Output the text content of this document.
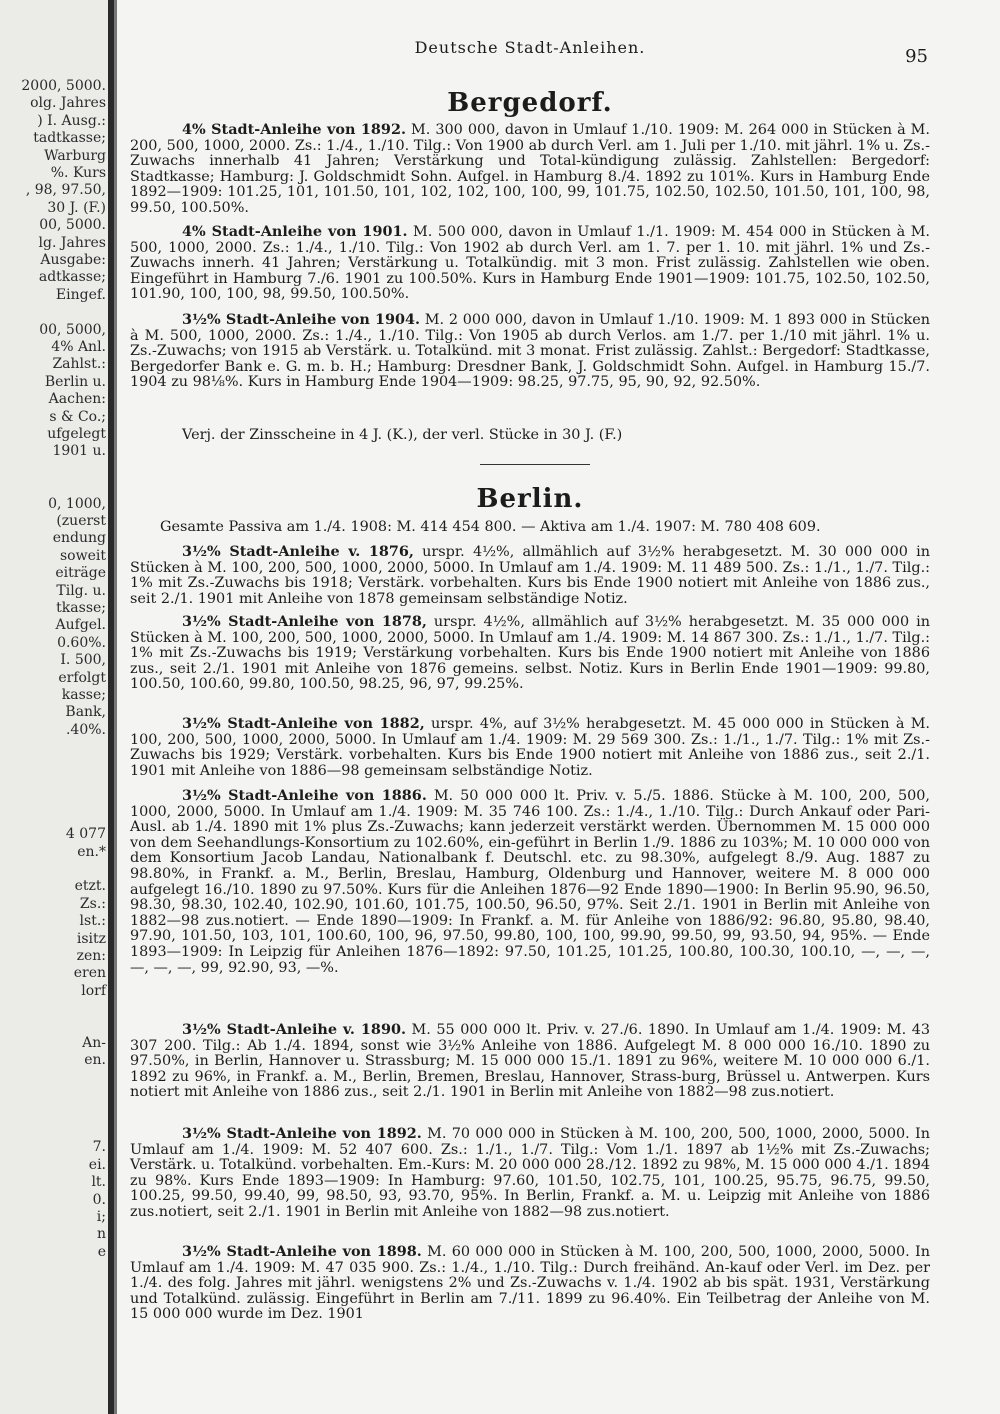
2000, 5000.
olg. Jahres
) I. Ausg.:
tadtkasse;
Warburg
%. Kurs
, 98, 97.50,
30 J. (F.)
00, 5000.
lg. Jahres
Ausgabe:
adtkasse;
Eingef.
00, 5000,
4% Anl.
Zahlst.:
Berlin u.
Aachen:
s & Co.;
ufgelegt
1901 u.
0, 1000,
(zuerst
endung
soweit
eiträge
Tilg. u.
tkasse;
Aufgel.
0.60%.
I. 500,
erfolgt
kasse;
Bank,
.40%.
4 077
en.*
etzt.
Zs.:
lst.:
isitz
zen:
eren
lorf
An-
en.
7.
ei.
lt.
0.
i;
n
e
Deutsche Stadt-Anleihen.	95
Bergedorf.

4% Stadt-Anleihe von 1892. M. 300 000, davon in Umlauf 1./10. 1909: M. 264 000 in Stücken à M. 200, 500, 1000, 2000. Zs.: 1./4., 1./10. Tilg.: Von 1900 ab durch Verl. am 1. Juli per 1./10. mit jährl. 1% u. Zs.-Zuwachs innerhalb 41 Jahren; Verstärkung und Total-kündigung zulässig. Zahlstellen: Bergedorf: Stadtkasse; Hamburg: J. Goldschmidt Sohn. Aufgel. in Hamburg 8./4. 1892 zu 101%. Kurs in Hamburg Ende 1892—1909: 101.25, 101, 101.50, 101, 102, 102, 100, 100, 99, 101.75, 102.50, 102.50, 101.50, 101, 100, 98, 99.50, 100.50%.

4% Stadt-Anleihe von 1901. M. 500 000, davon in Umlauf 1./1. 1909: M. 454 000 in Stücken à M. 500, 1000, 2000. Zs.: 1./4., 1./10. Tilg.: Von 1902 ab durch Verl. am 1. 7. per 1. 10. mit jährl. 1% und Zs.-Zuwachs innerh. 41 Jahren; Verstärkung u. Totalkündig. mit 3 mon. Frist zulässig. Zahlstellen wie oben. Eingeführt in Hamburg 7./6. 1901 zu 100.50%. Kurs in Hamburg Ende 1901—1909: 101.75, 102.50, 102.50, 101.90, 100, 100, 98, 99.50, 100.50%.

3½% Stadt-Anleihe von 1904. M. 2 000 000, davon in Umlauf 1./10. 1909: M. 1 893 000 in Stücken à M. 500, 1000, 2000. Zs.: 1./4., 1./10. Tilg.: Von 1905 ab durch Verlos. am 1./7. per 1./10 mit jährl. 1% u. Zs.-Zuwachs; von 1915 ab Verstärk. u. Totalkünd. mit 3 monat. Frist zulässig. Zahlst.: Bergedorf: Stadtkasse, Bergedorfer Bank e. G. m. b. H.; Hamburg: Dresdner Bank, J. Goldschmidt Sohn. Aufgel. in Hamburg 15./7. 1904 zu 98⅛%. Kurs in Hamburg Ende 1904—1909: 98.25, 97.75, 95, 90, 92, 92.50%.

Verj. der Zinsscheine in 4 J. (K.), der verl. Stücke in 30 J. (F.)

Berlin.

Gesamte Passiva am 1./4. 1908: M. 414 454 800. — Aktiva am 1./4. 1907: M. 780 408 609.

3½% Stadt-Anleihe v. 1876, urspr. 4½%, allmählich auf 3½% herabgesetzt. M. 30 000 000 in Stücken à M. 100, 200, 500, 1000, 2000, 5000. In Umlauf am 1./4. 1909: M. 11 489 500. Zs.: 1./1., 1./7. Tilg.: 1% mit Zs.-Zuwachs bis 1918; Verstärk. vorbehalten. Kurs bis Ende 1900 notiert mit Anleihe von 1886 zus., seit 2./1. 1901 mit Anleihe von 1878 gemeinsam selbständige Notiz.

3½% Stadt-Anleihe von 1878, urspr. 4½%, allmählich auf 3½% herabgesetzt. M. 35 000 000 in Stücken à M. 100, 200, 500, 1000, 2000, 5000. In Umlauf am 1./4. 1909: M. 14 867 300. Zs.: 1./1., 1./7. Tilg.: 1% mit Zs.-Zuwachs bis 1919; Verstärkung vorbehalten. Kurs bis Ende 1900 notiert mit Anleihe von 1886 zus., seit 2./1. 1901 mit Anleihe von 1876 gemeins. selbst. Notiz. Kurs in Berlin Ende 1901—1909: 99.80, 100.50, 100.60, 99.80, 100.50, 98.25, 96, 97, 99.25%.

3½% Stadt-Anleihe von 1882, urspr. 4%, auf 3½% herabgesetzt. M. 45 000 000 in Stücken à M. 100, 200, 500, 1000, 2000, 5000. In Umlauf am 1./4. 1909: M. 29 569 300. Zs.: 1./1., 1./7. Tilg.: 1% mit Zs.-Zuwachs bis 1929; Verstärk. vorbehalten. Kurs bis Ende 1900 notiert mit Anleihe von 1886 zus., seit 2./1. 1901 mit Anleihe von 1886—98 gemeinsam selbständige Notiz.

3½% Stadt-Anleihe von 1886. M. 50 000 000 lt. Priv. v. 5./5. 1886. Stücke à M. 100, 200, 500, 1000, 2000, 5000. In Umlauf am 1./4. 1909: M. 35 746 100. Zs.: 1./4., 1./10. Tilg.: Durch Ankauf oder Pari-Ausl. ab 1./4. 1890 mit 1% plus Zs.-Zuwachs; kann jederzeit verstärkt werden. Übernommen M. 15 000 000 von dem Seehandlungs-Konsortium zu 102.60%, ein-geführt in Berlin 1./9. 1886 zu 103%; M. 10 000 000 von dem Konsortium Jacob Landau, Nationalbank f. Deutschl. etc. zu 98.30%, aufgelegt 8./9. Aug. 1887 zu 98.80%, in Frankf. a. M., Berlin, Breslau, Hamburg, Oldenburg und Hannover, weitere M. 8 000 000 aufgelegt 16./10. 1890 zu 97.50%. Kurs für die Anleihen 1876—92 Ende 1890—1900: In Berlin 95.90, 96.50, 98.30, 98.30, 102.40, 102.90, 101.60, 101.75, 100.50, 96.50, 97%. Seit 2./1. 1901 in Berlin mit Anleihe von 1882—98 zus.notiert. — Ende 1890—1909: In Frankf. a. M. für Anleihe von 1886/92: 96.80, 95.80, 98.40, 97.90, 101.50, 103, 101, 100.60, 100, 96, 97.50, 99.80, 100, 100, 99.90, 99.50, 99, 93.50, 94, 95%. — Ende 1893—1909: In Leipzig für Anleihen 1876—1892: 97.50, 101.25, 101.25, 100.80, 100.30, 100.10, —, —, —, —, —, —, 99, 92.90, 93, —%.

3½% Stadt-Anleihe v. 1890. M. 55 000 000 lt. Priv. v. 27./6. 1890. In Umlauf am 1./4. 1909: M. 43 307 200. Tilg.: Ab 1./4. 1894, sonst wie 3½% Anleihe von 1886. Aufgelegt M. 8 000 000 16./10. 1890 zu 97.50%, in Berlin, Hannover u. Strassburg; M. 15 000 000 15./1. 1891 zu 96%, weitere M. 10 000 000 6./1. 1892 zu 96%, in Frankf. a. M., Berlin, Bremen, Breslau, Hannover, Strass-burg, Brüssel u. Antwerpen. Kurs notiert mit Anleihe von 1886 zus., seit 2./1. 1901 in Berlin mit Anleihe von 1882—98 zus.notiert.

3½% Stadt-Anleihe von 1892. M. 70 000 000 in Stücken à M. 100, 200, 500, 1000, 2000, 5000. In Umlauf am 1./4. 1909: M. 52 407 600. Zs.: 1./1., 1./7. Tilg.: Vom 1./1. 1897 ab 1½% mit Zs.-Zuwachs; Verstärk. u. Totalkünd. vorbehalten. Em.-Kurs: M. 20 000 000 28./12. 1892 zu 98%, M. 15 000 000 4./1. 1894 zu 98%. Kurs Ende 1893—1909: In Hamburg: 97.60, 101.50, 102.75, 101, 100.25, 95.75, 96.75, 99.50, 100.25, 99.50, 99.40, 99, 98.50, 93, 93.70, 95%. In Berlin, Frankf. a. M. u. Leipzig mit Anleihe von 1886 zus.notiert, seit 2./1. 1901 in Berlin mit Anleihe von 1882—98 zus.notiert.

3½% Stadt-Anleihe von 1898. M. 60 000 000 in Stücken à M. 100, 200, 500, 1000, 2000, 5000. In Umlauf am 1./4. 1909: M. 47 035 900. Zs.: 1./4., 1./10. Tilg.: Durch freihänd. An-kauf oder Verl. im Dez. per 1./4. des folg. Jahres mit jährl. wenigstens 2% und Zs.-Zuwachs v. 1./4. 1902 ab bis spät. 1931, Verstärkung und Totalkünd. zulässig. Eingeführt in Berlin am 7./11. 1899 zu 96.40%. Ein Teilbetrag der Anleihe von M. 15 000 000 wurde im Dez. 1901
